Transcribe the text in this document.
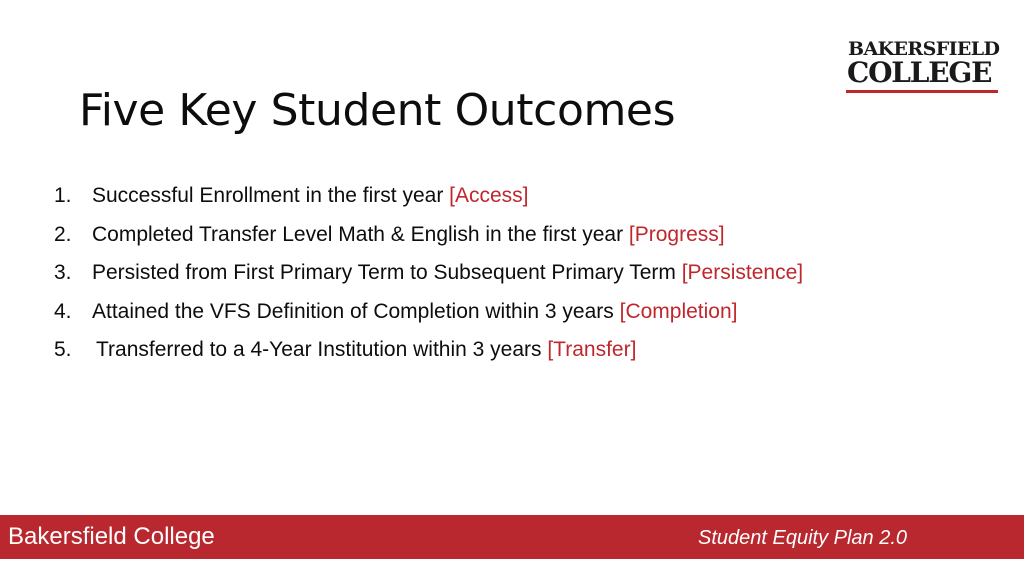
BAKERSFIELD
COLLEGE
Five Key Student Outcomes
1. Successful Enrollment in the first year [Access]
2. Completed Transfer Level Math & English in the first year [Progress]
3. Persisted from First Primary Term to Subsequent Primary Term [Persistence]
4. Attained the VFS Definition of Completion within 3 years [Completion]
5. Transferred to a 4-Year Institution within 3 years [Transfer]
Bakersfield College	Student Equity Plan 2.0
